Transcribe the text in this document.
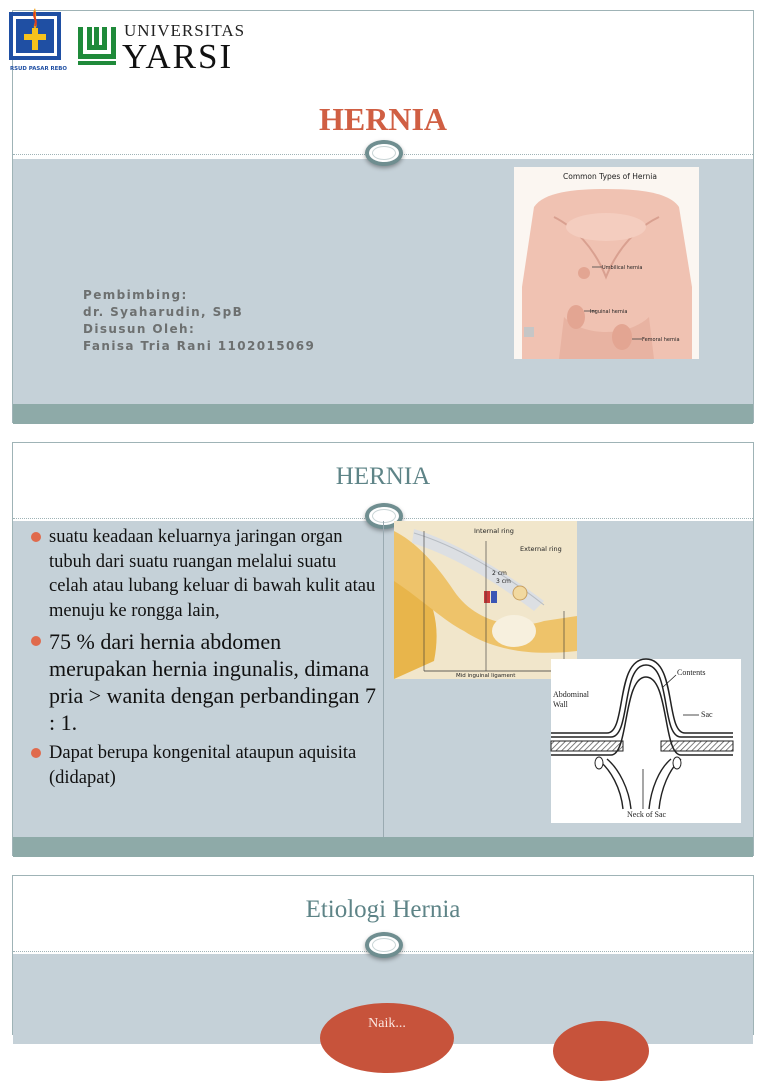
RSUD PASAR REBO
UNIVERSITAS
YARSI
HERNIA
Pembimbing:
dr. Syaharudin, SpB
Disusun Oleh:
Fanisa Tria Rani 1102015069
Common Types of Hernia
Umbilical hernia
Inguinal hernia
Femoral hernia
HERNIA
suatu keadaan keluarnya jaringan organ tubuh dari suatu ruangan melalui suatu celah atau lubang keluar di bawah kulit atau menuju ke rongga lain,
75 % dari hernia abdomen merupakan hernia ingunalis, dimana pria > wanita dengan perbandingan 7 : 1.
Dapat berupa kongenital ataupun aquisita (didapat)
Internal ring
External ring
2 cm
3 cm
Mid inguinal ligament
Abdominal
Wall
Contents
Sac
Neck of Sac
Etiologi Hernia
Naik...
